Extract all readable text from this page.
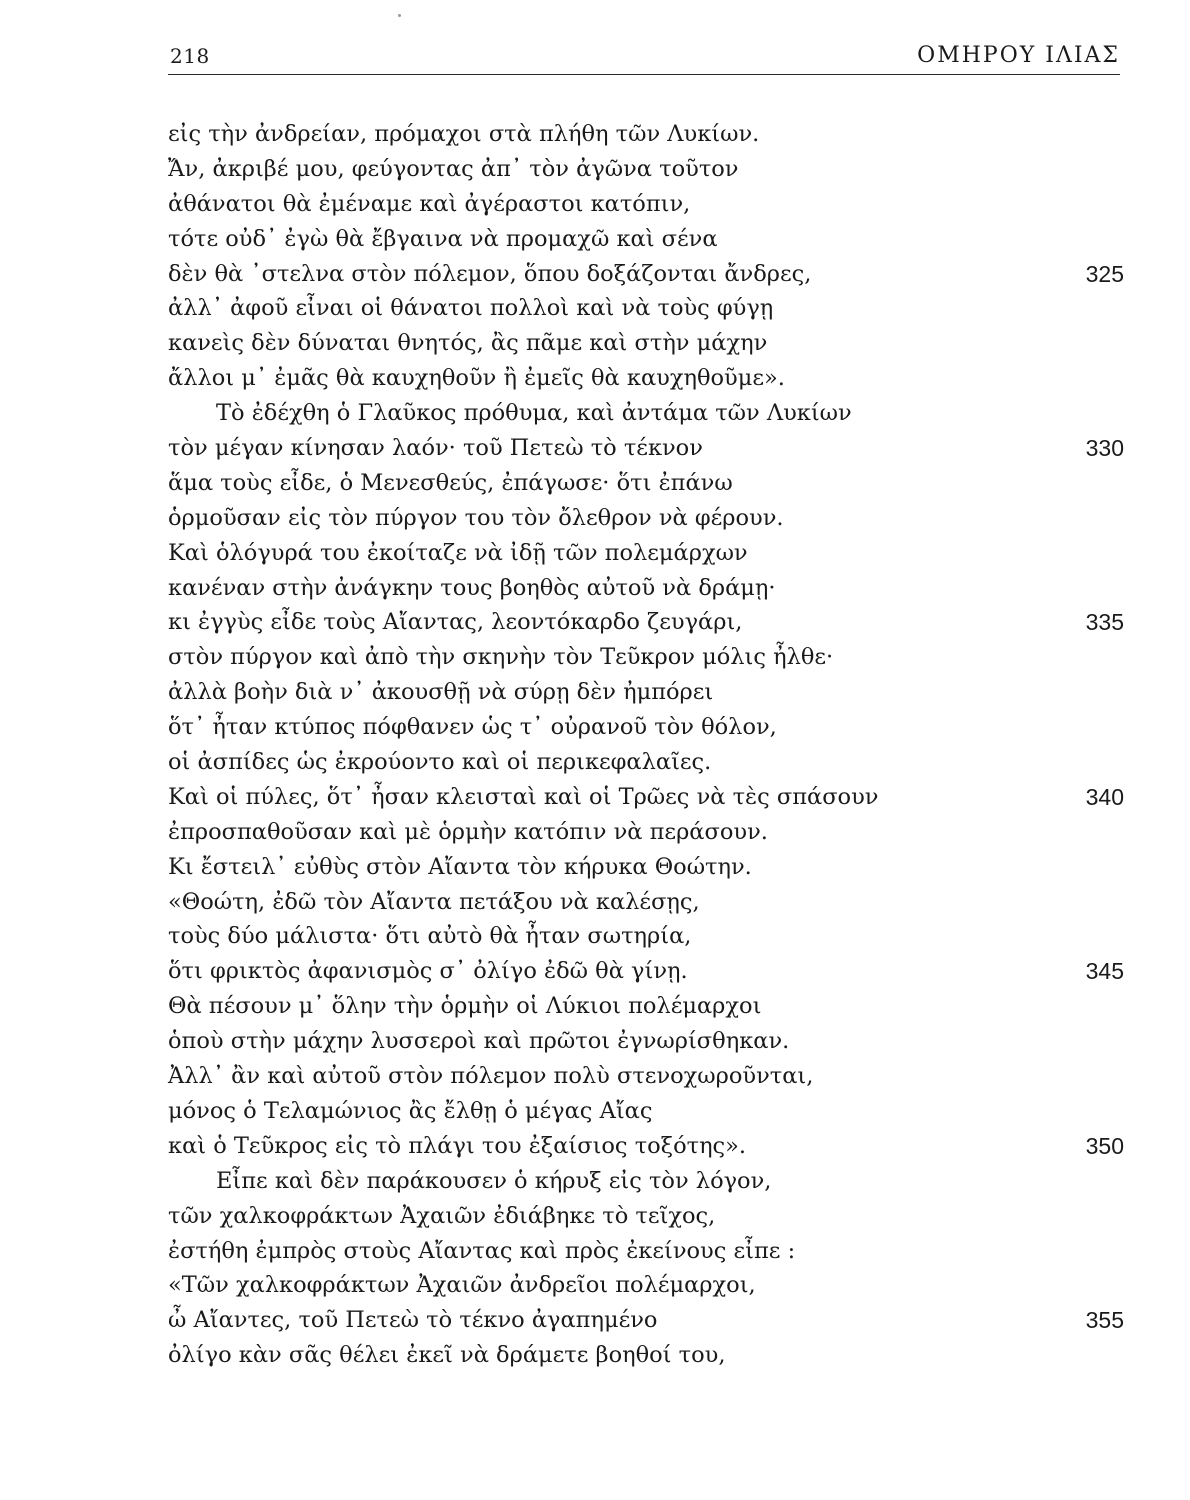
218	ΟΜΗΡΟΥ ΙΛΙΑΣ
εἰς τὴν ἀνδρείαν, πρόμαχοι στὰ πλήθη τῶν Λυκίων.
Ἄν, ἀκριβέ μου, φεύγοντας ἀπ᾽ τὸν ἀγῶνα τοῦτον
ἀθάνατοι θὰ ἐμέναμε καὶ ἀγέραστοι κατόπιν,
τότε οὐδ᾽ ἐγὼ θὰ ἔβγαινα νὰ προμαχῶ καὶ σένα
δὲν θὰ ᾽στελνα στὸν πόλεμον, ὅπου δοξάζονται ἄνδρες,	325
ἀλλ᾽ ἀφοῦ εἶναι οἱ θάνατοι πολλοὶ καὶ νὰ τοὺς φύγῃ
κανεὶς δὲν δύναται θνητός, ἂς πᾶμε καὶ στὴν μάχην
ἄλλοι μ᾽ ἐμᾶς θὰ καυχηθοῦν ἢ ἐμεῖς θὰ καυχηθοῦμε».
Τὸ ἐδέχθη ὁ Γλαῦκος πρόθυμα, καὶ ἀντάμα τῶν Λυκίων
τὸν μέγαν κίνησαν λαόν· τοῦ Πετεὼ τὸ τέκνον	330
ἅμα τοὺς εἶδε, ὁ Μενεσθεύς, ἐπάγωσε· ὅτι ἐπάνω
ὁρμοῦσαν εἰς τὸν πύργον του τὸν ὄλεθρον νὰ φέρουν.
Καὶ ὁλόγυρά του ἐκοίταζε νὰ ἰδῇ τῶν πολεμάρχων
κανέναν στὴν ἀνάγκην τους βοηθὸς αὐτοῦ νὰ δράμῃ·
κι ἐγγὺς εἶδε τοὺς Αἴαντας, λεοντόκαρδο ζευγάρι,	335
στὸν πύργον καὶ ἀπὸ τὴν σκηνὴν τὸν Τεῦκρον μόλις ἦλθε·
ἀλλὰ βοὴν διὰ ν᾽ ἀκουσθῇ νὰ σύρῃ δὲν ἠμπόρει
ὅτ᾽ ἦταν κτύπος πόφθανεν ὡς τ᾽ οὐρανοῦ τὸν θόλον,
οἱ ἀσπίδες ὡς ἐκρούοντο καὶ οἱ περικεφαλαῖες.
Καὶ οἱ πύλες, ὅτ᾽ ἦσαν κλεισταὶ καὶ οἱ Τρῶες νὰ τὲς σπάσουν	340
ἐπροσπαθοῦσαν καὶ μὲ ὁρμὴν κατόπιν νὰ περάσουν.
Κι ἔστειλ᾽ εὐθὺς στὸν Αἴαντα τὸν κήρυκα Θοώτην.
«Θοώτη, ἐδῶ τὸν Αἴαντα πετάξου νὰ καλέσῃς,
τοὺς δύο μάλιστα· ὅτι αὐτὸ θὰ ἦταν σωτηρία,
ὅτι φρικτὸς ἀφανισμὸς σ᾽ ὀλίγο ἐδῶ θὰ γίνῃ.	345
Θὰ πέσουν μ᾽ ὅλην τὴν ὁρμὴν οἱ Λύκιοι πολέμαρχοι
ὁποὺ στὴν μάχην λυσσεροὶ καὶ πρῶτοι ἐγνωρίσθηκαν.
Ἀλλ᾽ ἂν καὶ αὐτοῦ στὸν πόλεμον πολὺ στενοχωροῦνται,
μόνος ὁ Τελαμώνιος ἂς ἔλθῃ ὁ μέγας Αἴας
καὶ ὁ Τεῦκρος εἰς τὸ πλάγι του ἐξαίσιος τοξότης».	350
Εἶπε καὶ δὲν παράκουσεν ὁ κήρυξ εἰς τὸν λόγον,
τῶν χαλκοφράκτων Ἀχαιῶν ἐδιάβηκε τὸ τεῖχος,
ἐστήθη ἐμπρὸς στοὺς Αἴαντας καὶ πρὸς ἐκείνους εἶπε :
«Τῶν χαλκοφράκτων Ἀχαιῶν ἀνδρεῖοι πολέμαρχοι,
ὦ Αἴαντες, τοῦ Πετεὼ τὸ τέκνο ἀγαπημένο	355
ὀλίγο κὰν σᾶς θέλει ἐκεῖ νὰ δράμετε βοηθοί του,
